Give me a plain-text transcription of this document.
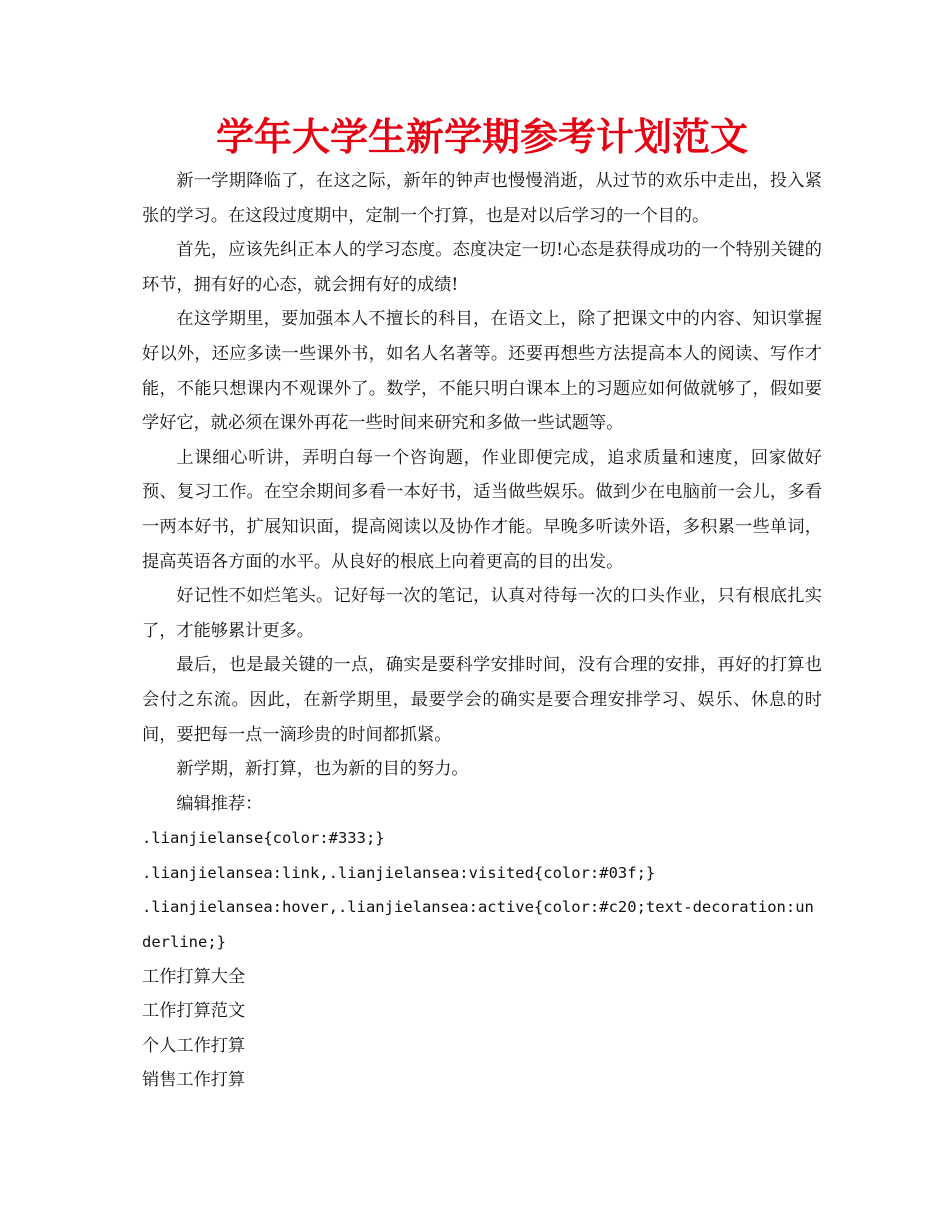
学年大学生新学期参考计划范文

新一学期降临了，在这之际，新年的钟声也慢慢消逝，从过节的欢乐中走出，投入紧张的学习。在这段过度期中，定制一个打算，也是对以后学习的一个目的。

首先，应该先纠正本人的学习态度。态度决定一切!心态是获得成功的一个特别关键的环节，拥有好的心态，就会拥有好的成绩!

在这学期里，要加强本人不擅长的科目，在语文上，除了把课文中的内容、知识掌握好以外，还应多读一些课外书，如名人名著等。还要再想些方法提高本人的阅读、写作才能，不能只想课内不观课外了。数学，不能只明白课本上的习题应如何做就够了，假如要学好它，就必须在课外再花一些时间来研究和多做一些试题等。

上课细心听讲，弄明白每一个咨询题，作业即便完成，追求质量和速度，回家做好预、复习工作。在空余期间多看一本好书，适当做些娱乐。做到少在电脑前一会儿，多看一两本好书，扩展知识面，提高阅读以及协作才能。早晚多听读外语，多积累一些单词，提高英语各方面的水平。从良好的根底上向着更高的目的出发。

好记性不如烂笔头。记好每一次的笔记，认真对待每一次的口头作业，只有根底扎实了，才能够累计更多。

最后，也是最关键的一点，确实是要科学安排时间，没有合理的安排，再好的打算也会付之东流。因此，在新学期里，最要学会的确实是要合理安排学习、娱乐、休息的时间，要把每一点一滴珍贵的时间都抓紧。

新学期，新打算，也为新的目的努力。

编辑推荐：

.lianjielanse{color:#333;}

.lianjielansea:link,.lianjielansea:visited{color:#03f;}

.lianjielansea:hover,.lianjielansea:active{color:#c20;text-decoration:underline;}

工作打算大全

工作打算范文

个人工作打算

销售工作打算
